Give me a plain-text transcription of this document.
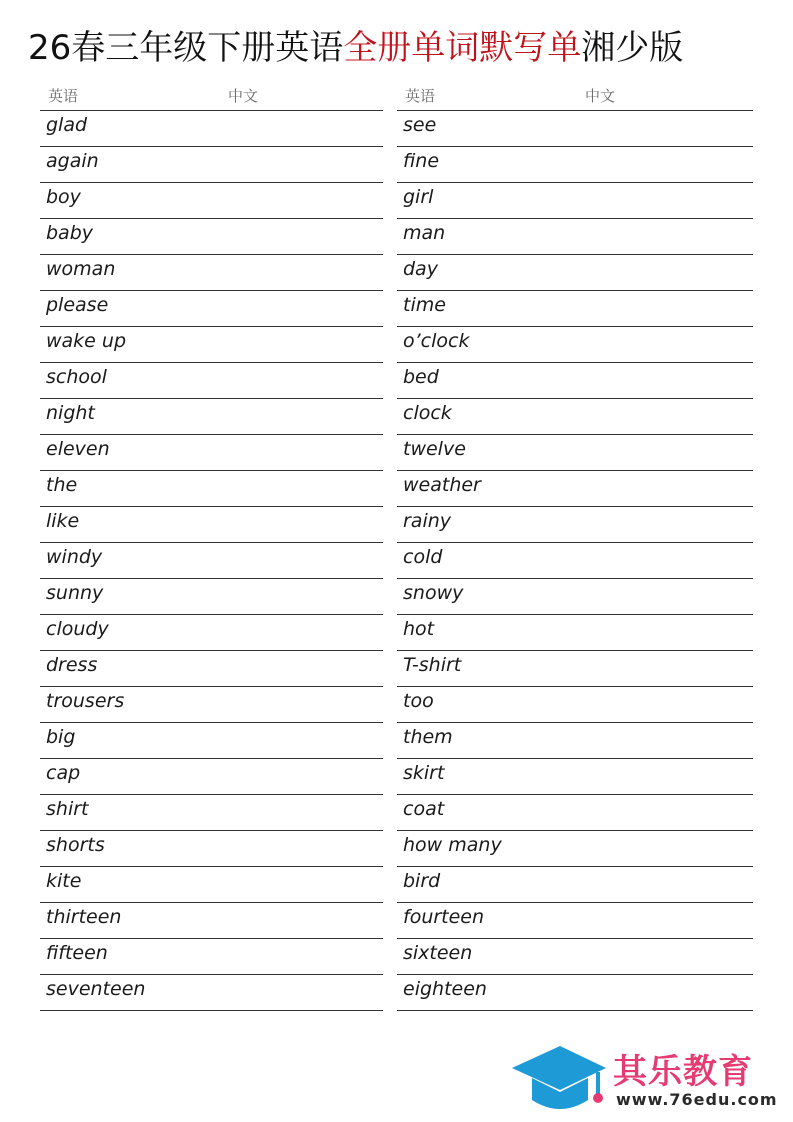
26春三年级下册英语全册单词默写单湘少版
英语	中文
glad
again
boy
baby
woman
please
wake up
school
night
eleven
the
like
windy
sunny
cloudy
dress
trousers
big
cap
shirt
shorts
kite
thirteen
fifteen
seventeen
英语	中文
see
fine
girl
man
day
time
o’clock
bed
clock
twelve
weather
rainy
cold
snowy
hot
T-shirt
too
them
skirt
coat
how many
bird
fourteen
sixteen
eighteen
其乐教育
www.76edu.com
